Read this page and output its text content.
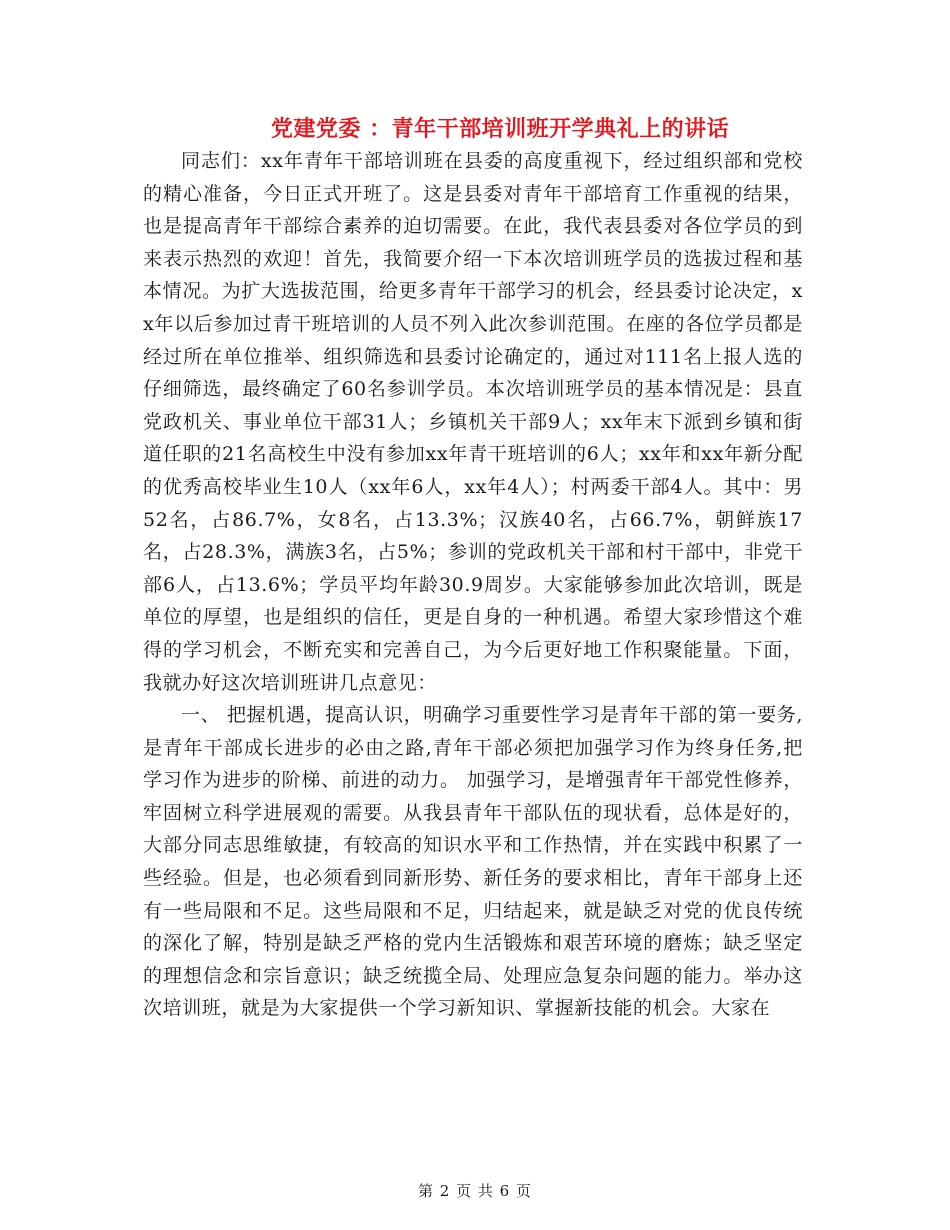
党建党委 ：青年干部培训班开学典礼上的讲话

同志们：xx年青年干部培训班在县委的高度重视下，经过组织部和党校的精心准备，今日正式开班了。这是县委对青年干部培育工作重视的结果，也是提高青年干部综合素养的迫切需要。在此，我代表县委对各位学员的到来表示热烈的欢迎！首先，我简要介绍一下本次培训班学员的选拔过程和基本情况。为扩大选拔范围，给更多青年干部学习的机会，经县委讨论决定，xx年以后参加过青干班培训的人员不列入此次参训范围。在座的各位学员都是经过所在单位推举、组织筛选和县委讨论确定的，通过对111名上报人选的仔细筛选，最终确定了60名参训学员。本次培训班学员的基本情况是：县直党政机关、事业单位干部31人；乡镇机关干部9人；xx年末下派到乡镇和街道任职的21名高校生中没有参加xx年青干班培训的6人；xx年和xx年新分配的优秀高校毕业生10人（xx年6人，xx年4人）；村两委干部4人。其中：男52名，占86.7%，女8名，占13.3%；汉族40名，占66.7%，朝鲜族17名，占28.3%，满族3名，占5%；参训的党政机关干部和村干部中，非党干部6人，占13.6%；学员平均年龄30.9周岁。大家能够参加此次培训，既是单位的厚望，也是组织的信任，更是自身的一种机遇。希望大家珍惜这个难得的学习机会，不断充实和完善自己，为今后更好地工作积聚能量。下面，我就办好这次培训班讲几点意见：

一、 把握机遇，提高认识，明确学习重要性学习是青年干部的第一要务,是青年干部成长进步的必由之路,青年干部必须把加强学习作为终身任务,把学习作为进步的阶梯、前进的动力。 加强学习，是增强青年干部党性修养，牢固树立科学进展观的需要。从我县青年干部队伍的现状看，总体是好的，大部分同志思维敏捷，有较高的知识水平和工作热情，并在实践中积累了一些经验。但是，也必须看到同新形势、新任务的要求相比，青年干部身上还有一些局限和不足。这些局限和不足，归结起来，就是缺乏对党的优良传统的深化了解，特别是缺乏严格的党内生活锻炼和艰苦环境的磨炼；缺乏坚定的理想信念和宗旨意识；缺乏统揽全局、处理应急复杂问题的能力。举办这次培训班，就是为大家提供一个学习新知识、掌握新技能的机会。大家在

第 2 页 共 6 页
